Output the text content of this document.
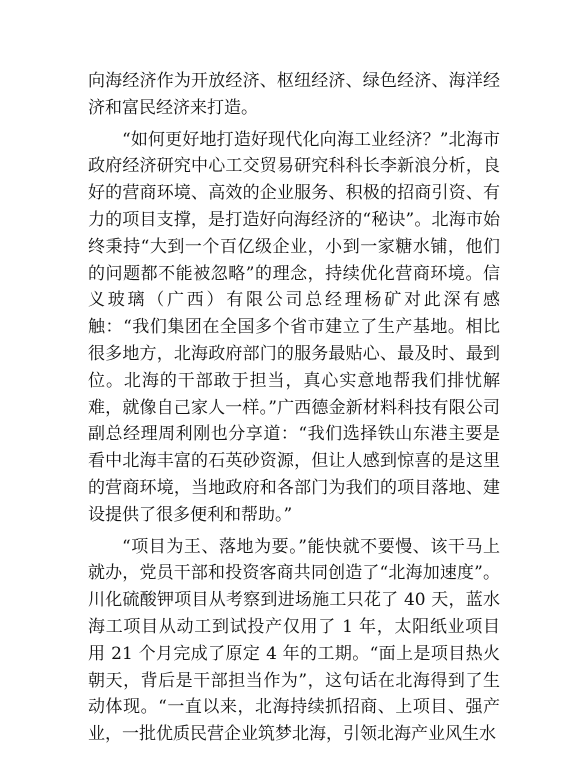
向海经济作为开放经济、枢纽经济、绿色经济、海洋经济和富民经济来打造。

“如何更好地打造好现代化向海工业经济？”北海市政府经济研究中心工交贸易研究科科长李新浪分析，良好的营商环境、高效的企业服务、积极的招商引资、有力的项目支撑，是打造好向海经济的“秘诀”。北海市始终秉持“大到一个百亿级企业，小到一家糖水铺，他们的问题都不能被忽略”的理念，持续优化营商环境。信义玻璃（广西）有限公司总经理杨矿对此深有感触：“我们集团在全国多个省市建立了生产基地。相比很多地方，北海政府部门的服务最贴心、最及时、最到位。北海的干部敢于担当，真心实意地帮我们排忧解难，就像自己家人一样。”广西德金新材料科技有限公司副总经理周利刚也分享道：“我们选择铁山东港主要是看中北海丰富的石英砂资源，但让人感到惊喜的是这里的营商环境，当地政府和各部门为我们的项目落地、建设提供了很多便利和帮助。”

“项目为王、落地为要。”能快就不要慢、该干马上就办，党员干部和投资客商共同创造了“北海加速度”。川化硫酸钾项目从考察到进场施工只花了 40 天，蓝水海工项目从动工到试投产仅用了 1 年，太阳纸业项目用 21 个月完成了原定 4 年的工期。“面上是项目热火朝天，背后是干部担当作为”，这句话在北海得到了生动体现。“一直以来，北海持续抓招商、上项目、强产业，一批优质民营企业筑梦北海，引领北海产业风生水
